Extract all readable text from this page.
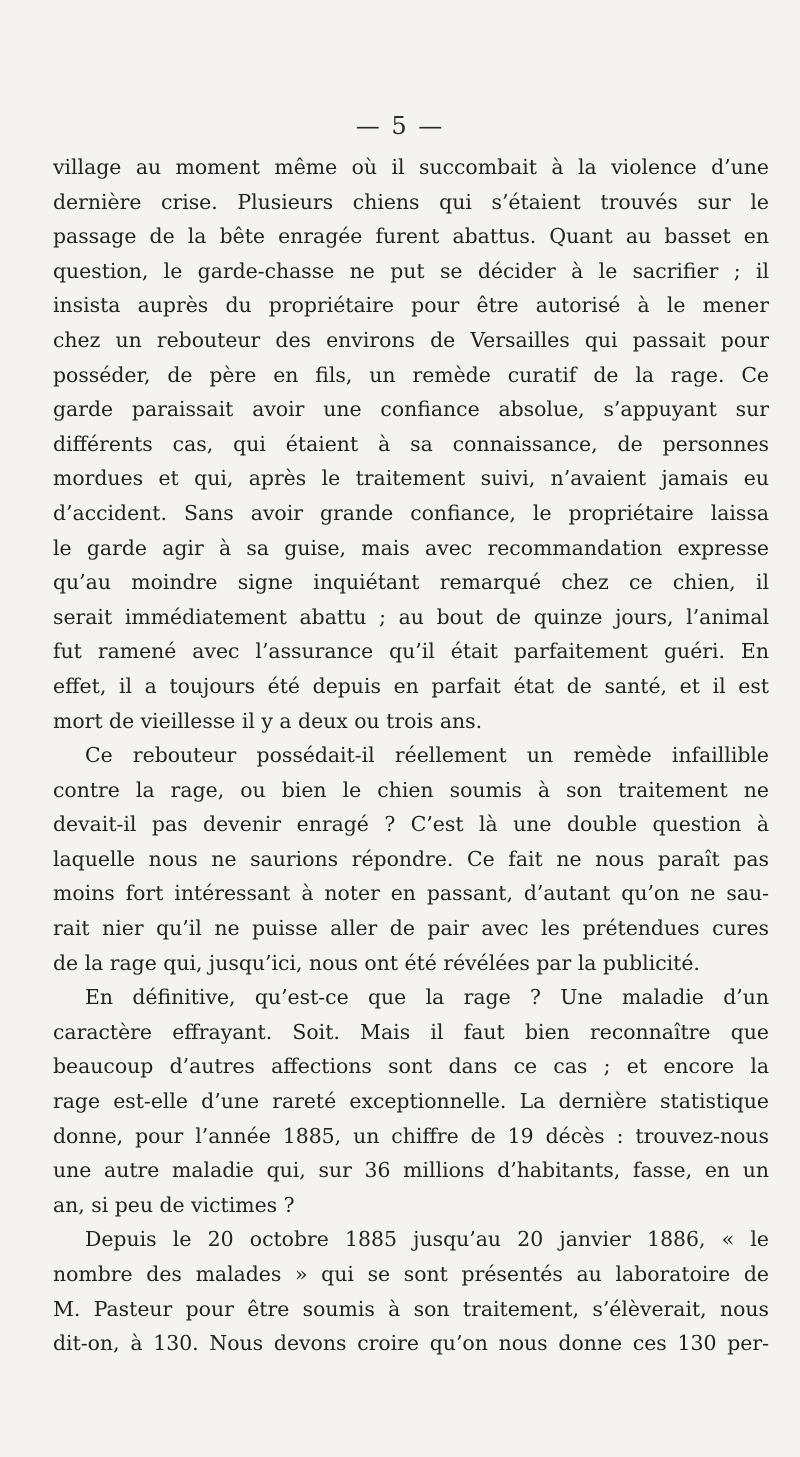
— 5 —
village au moment même où il succombait à la violence d’une
dernière crise. Plusieurs chiens qui s’étaient trouvés sur le
passage de la bête enragée furent abattus. Quant au basset en
question, le garde-chasse ne put se décider à le sacrifier ; il
insista auprès du propriétaire pour être autorisé à le mener
chez un rebouteur des environs de Versailles qui passait pour
posséder, de père en fils, un remède curatif de la rage. Ce
garde paraissait avoir une confiance absolue, s’appuyant sur
différents cas, qui étaient à sa connaissance, de personnes
mordues et qui, après le traitement suivi, n’avaient jamais eu
d’accident. Sans avoir grande confiance, le propriétaire laissa
le garde agir à sa guise, mais avec recommandation expresse
qu’au moindre signe inquiétant remarqué chez ce chien, il
serait immédiatement abattu ; au bout de quinze jours, l’animal
fut ramené avec l’assurance qu’il était parfaitement guéri. En
effet, il a toujours été depuis en parfait état de santé, et il est
mort de vieillesse il y a deux ou trois ans.
Ce rebouteur possédait-il réellement un remède infaillible
contre la rage, ou bien le chien soumis à son traitement ne
devait-il pas devenir enragé ? C’est là une double question à
laquelle nous ne saurions répondre. Ce fait ne nous paraît pas
moins fort intéressant à noter en passant, d’autant qu’on ne sau-
rait nier qu’il ne puisse aller de pair avec les prétendues cures
de la rage qui, jusqu’ici, nous ont été révélées par la publicité.
En définitive, qu’est-ce que la rage ? Une maladie d’un
caractère effrayant. Soit. Mais il faut bien reconnaître que
beaucoup d’autres affections sont dans ce cas ; et encore la
rage est-elle d’une rareté exceptionnelle. La dernière statistique
donne, pour l’année 1885, un chiffre de 19 décès : trouvez-nous
une autre maladie qui, sur 36 millions d’habitants, fasse, en un
an, si peu de victimes ?
Depuis le 20 octobre 1885 jusqu’au 20 janvier 1886, « le
nombre des malades » qui se sont présentés au laboratoire de
M. Pasteur pour être soumis à son traitement, s’élèverait, nous
dit-on, à 130. Nous devons croire qu’on nous donne ces 130 per-
